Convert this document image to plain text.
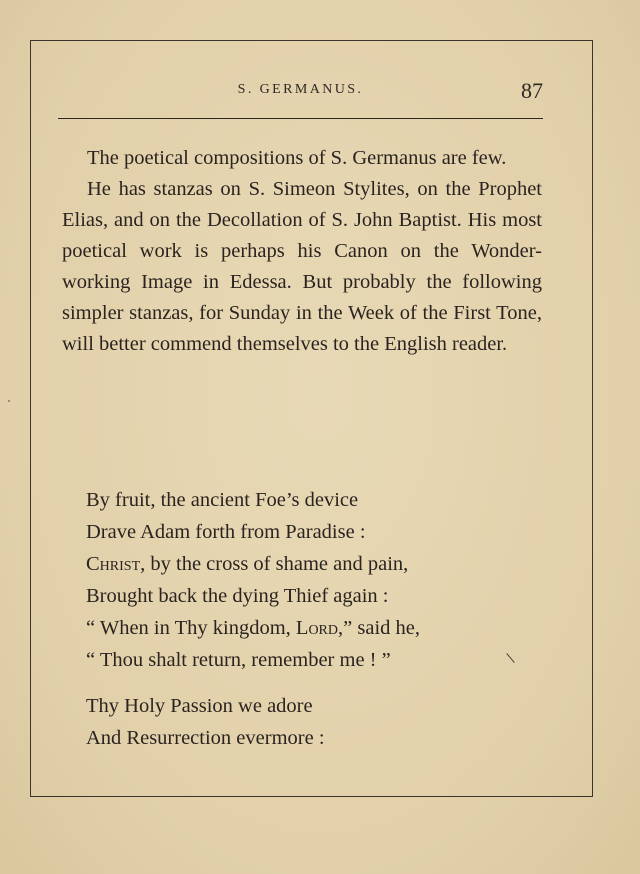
S. GERMANUS.	87

The poetical compositions of S. Germanus are few.

He has stanzas on S. Simeon Stylites, on the Prophet Elias, and on the Decollation of S. John Baptist. His most poetical work is perhaps his Canon on the Wonder-working Image in Edessa. But probably the following simpler stanzas, for Sunday in the Week of the First Tone, will better commend themselves to the English reader.

By fruit, the ancient Foe’s device
Drave Adam forth from Paradise :
Christ, by the cross of shame and pain,
Brought back the dying Thief again :
“ When in Thy kingdom, Lord,” said he,
“ Thou shalt return, remember me ! ”
Thy Holy Passion we adore
And Resurrection evermore :
